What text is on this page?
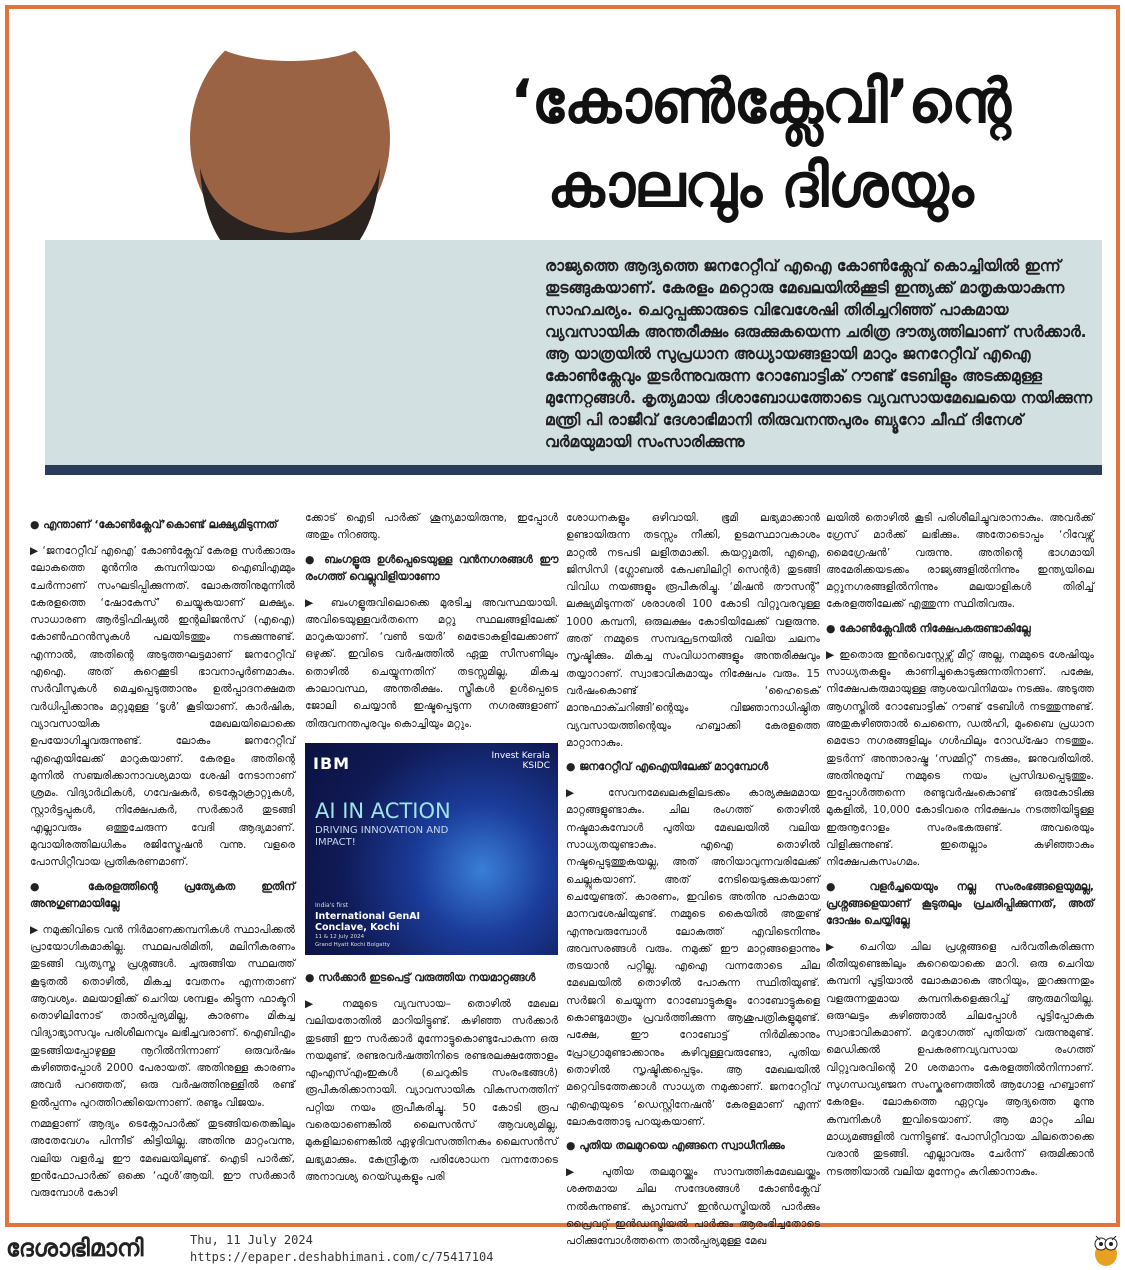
‘കോൺക്ലേവി’ന്റെ
കാലവും ദിശയും
രാജ്യത്തെ ആദ്യത്തെ ജനറേറ്റീവ് എഐ കോൺക്ലേവ് കൊച്ചിയിൽ ഇന്ന് തുടങ്ങുകയാണ്. കേരളം മറ്റൊരു മേഖലയിൽക്കൂടി ഇന്ത്യക്ക് മാതൃകയാകുന്ന സാഹചര്യം. ചെറുപ്പക്കാരുടെ വിഭവശേഷി തിരിച്ചറിഞ്ഞ് പാകമായ വ്യവസായിക അന്തരീക്ഷം ഒരുക്കുകയെന്ന ചരിത്ര ദൗത്യത്തിലാണ് സർക്കാർ. ആ യാത്രയിൽ സുപ്രധാന അധ്യായങ്ങളായി മാറും ജനറേറ്റീവ് എഐ കോൺക്ലേവും തുടർന്നുവരുന്ന റോബോട്ടിക് റൗണ്ട് ടേബിളും അടക്കമുള്ള മുന്നേറ്റങ്ങൾ. കൃത്യമായ ദിശാബോധത്തോടെ വ്യവസായമേഖലയെ നയിക്കുന്ന മന്ത്രി പി രാജീവ് ദേശാഭിമാനി തിരുവനന്തപുരം ബ്യൂറോ ചീഫ് ദിനേശ് വർമയുമായി സംസാരിക്കുന്നു
● എന്താണ് ‘കോൺക്ലേവ്’കൊണ്ട് ലക്ഷ്യമിടുന്നത്

▶ ‘ജനറേറ്റീവ് എഐ’ കോൺക്ലേവ് കേരള സർക്കാരും ലോകത്തെ മുൻനിര കമ്പനിയായ ഐബിഎമ്മും ചേർന്നാണ് സംഘടിപ്പിക്കുന്നത്. ലോകത്തിനുമുന്നിൽ കേരളത്തെ ‘ഷോകേസ്’ ചെയ്യുകയാണ് ലക്ഷ്യം. സാധാരണ ആർട്ടിഫിഷ്യൽ ഇന്റലിജൻസ് (എഐ) കോൺഫറൻസുകൾ പലയിടത്തും നടക്കുന്നുണ്ട്. എന്നാൽ, അതിന്റെ അടുത്തഘട്ടമാണ് ജനറേറ്റീവ് എഐ. അത് കുറെക്കൂടി ഭാവനാപൂർണമാകും. സർവീസുകൾ മെച്ചപ്പെടുത്താനും ഉൽപ്പാദനക്ഷമത വർധിപ്പിക്കാനും മറ്റുമുള്ള ‘ടൂൾ’ കൂടിയാണ്. കാർഷിക, വ്യാവസായിക മേഖലയിലൊക്കെ ഉപയോഗിച്ചുവരുന്നുണ്ട്. ലോകം ജനറേറ്റീവ് എഐയിലേക്ക് മാറുകയാണ്. കേരളം അതിന്റെ മുന്നിൽ സഞ്ചരിക്കാനാവശ്യമായ ശേഷി നേടാനാണ് ശ്രമം. വിദ്യാർഥികൾ, ഗവേഷകർ, ടെക്നോക്രാറ്റുകൾ, സ്റ്റാർട്ടപ്പുകൾ, നിക്ഷേപകർ, സർക്കാർ തുടങ്ങി എല്ലാവരും ഒത്തുചേരുന്ന വേദി ആദ്യമാണ്. മുവായിരത്തിലധികം രജിസ്ട്രേഷൻ വന്നു. വളരെ പോസിറ്റീവായ പ്രതികരണമാണ്.

● കേരളത്തിന്റെ പ്രത്യേകത ഇതിന് അനുഗുണമായില്ലേ

▶ നമുക്കിവിടെ വൻ നിർമാണക്കമ്പനികൾ സ്ഥാപിക്കൽ പ്രായോഗികമാകില്ല. സ്ഥലപരിമിതി, മലിനീകരണം തുടങ്ങി വ്യത്യസ്ത പ്രശ്നങ്ങൾ. ചുരുങ്ങിയ സ്ഥലത്ത് കൂടുതൽ തൊഴിൽ, മികച്ച വേതനം എന്നതാണ് ആവശ്യം. മലയാളിക്ക് ചെറിയ ശമ്പളം കിട്ടുന്ന ഫാക്ടറി തൊഴിലിനോട് താൽപ്പര്യമില്ല, കാരണം മികച്ച വിദ്യാഭ്യാസവും പരിശീലനവും ലഭിച്ചവരാണ്. ഐബിഎം തുടങ്ങിയപ്പോഴുള്ള നൂറിൽനിന്നാണ് ഒരുവർഷം കഴിഞ്ഞപ്പോൾ 2000 പേരായത്. അതിനുള്ള കാരണം അവർ പറഞ്ഞത്, ഒരു വർഷത്തിനുള്ളിൽ രണ്ട് ഉൽപ്പന്നം പുറത്തിറക്കിയെന്നാണ്. രണ്ടും വിജയം.

നമ്മളാണ് ആദ്യം ടെക്നോപാർക്ക് തുടങ്ങിയതെങ്കിലും അതേവേഗം പിന്നീട് കിട്ടിയില്ല. അതിനു മാറ്റംവന്നു, വലിയ വളർച്ച ഈ മേഖലയിലുണ്ട്. ഐടി പാർക്ക്, ഇൻഫോപാർക്ക് ഒക്കെ ‘ഫുൾ’ആയി. ഈ സർക്കാർ വരുമ്പോൾ കോഴി

ക്കോട് ഐടി പാർക്ക് ശൂന്യമായിരുന്നു, ഇപ്പോൾ അതും നിറഞ്ഞു.

● ബംഗളൂരു ഉൾപ്പെടെയുള്ള വൻനഗരങ്ങൾ ഈ രംഗത്ത് വെല്ലുവിളിയാണോ

▶ ബംഗളൂരുവിലൊക്കെ മുരടിച്ച അവസ്ഥയായി. അവിടെയുള്ളവർതന്നെ മറ്റു സ്ഥലങ്ങളിലേക്ക് മാറുകയാണ്. ‘വൺ ടയർ’ മെട്രോകളിലേക്കാണ് ഒഴുക്ക്. ഇവിടെ വർഷത്തിൽ ഏതു സീസണിലും തൊഴിൽ ചെയ്യുന്നതിന് തടസ്സമില്ല, മികച്ച കാലാവസ്ഥ, അന്തരീക്ഷം. സ്ത്രീകൾ ഉൾപ്പെടെ ജോലി ചെയ്യാൻ ഇഷ്ടപ്പെടുന്ന നഗരങ്ങളാണ് തിരുവനന്തപുരവും കൊച്ചിയും മറ്റും.

IBM	Invest Kerala
KSIDC
AI IN ACTION
DRIVING INNOVATION AND IMPACT!
India's first
International GenAI Conclave, Kochi
11 & 12 July 2024
Grand Hyatt Kochi Bolgatty
● സർക്കാർ ഇടപെട്ട് വരുത്തിയ നയമാറ്റങ്ങൾ

▶ നമ്മുടെ വ്യവസായ– തൊഴിൽ മേഖല വലിയതോതിൽ മാറിയിട്ടുണ്ട്. കഴിഞ്ഞ സർക്കാർ തുടങ്ങി ഈ സർക്കാർ മുന്നോട്ടുകൊണ്ടുപോകുന്ന ഒരു നയമുണ്ട്. രണ്ടരവർഷത്തിനിടെ രണ്ടരലക്ഷത്തോളം എംഎസ്എംഇകൾ (ചെറുകിട സംരംഭങ്ങൾ) രൂപീകരിക്കാനായി. വ്യാവസായിക വികസനത്തിന് പറ്റിയ നയം രൂപീകരിച്ചു. 50 കോടി രൂപ വരെയാണെങ്കിൽ ലൈസൻസ് ആവശ്യമില്ല, മുകളിലാണെങ്കിൽ ഏഴുദിവസത്തിനകം ലൈസൻസ് ലഭ്യമാക്കും. കേന്ദ്രീകൃത പരിശോധന വന്നതോടെ അനാവശ്യ റെയ്ഡുകളും പരി

ശോധനകളും ഒഴിവായി. ഭൂമി ലഭ്യമാക്കാൻ ഉണ്ടായിരുന്ന തടസ്സം നീക്കി, ഉടമസ്ഥാവകാശം മാറ്റൽ നടപടി ലളിതമാക്കി. കയറ്റുമതി, എഐ, ജിസിസി (ഗ്ലോബൽ കേപബിലിറ്റി സെന്റർ) തുടങ്ങി വിവിധ നയങ്ങളും രൂപീകരിച്ചു. ‘മിഷൻ തൗസന്റ്’ ലക്ഷ്യമിടുന്നത് ശരാശരി 100 കോടി വിറ്റുവരവുള്ള 1000 കമ്പനി, ഒരുലക്ഷം കോടിയിലേക്ക് വളരുന്നു. അത് നമ്മുടെ സമ്പദ്ഘടനയിൽ വലിയ ചലനം സൃഷ്ടിക്കും. മികച്ച സംവിധാനങ്ങളും അന്തരീക്ഷവും തയ്യാറാണ്. സ്വാഭാവികമായും നിക്ഷേപം വരും. 15 വർഷംകൊണ്ട് ‘ഹൈടെക് മാനുഫാക്ചറിങ്ങി’ന്റെയും വിജ്ഞാനാധിഷ്ഠിത വ്യവസായത്തിന്റെയും ഹബ്ബാക്കി കേരളത്തെ മാറ്റാനാകും.

● ജനറേറ്റീവ് എഐയിലേക്ക് മാറുമ്പോൾ

▶ സേവനമേഖലകളിലടക്കം കാര്യക്ഷമമായ മാറ്റങ്ങളുണ്ടാകും. ചില രംഗത്ത് തൊഴിൽ നഷ്ടമാകുമ്പോൾ പുതിയ മേഖലയിൽ വലിയ സാധ്യതയുണ്ടാകും. എഐ തൊഴിൽ നഷ്ടപ്പെടുത്തുകയല്ല, അത് അറിയാവുന്നവരിലേക്ക് ചെല്ലുകയാണ്. അത് നേടിയെടുക്കുകയാണ് ചെയ്യേണ്ടത്. കാരണം, ഇവിടെ അതിനു പാകമായ മാനവശേഷിയുണ്ട്. നമ്മുടെ കൈയിൽ അതുണ്ട് എന്നുവരുമ്പോൾ ലോകത്ത് എവിടെനിന്നും അവസരങ്ങൾ വരും. നമുക്ക് ഈ മാറ്റങ്ങളൊന്നും തടയാൻ പറ്റില്ല. എഐ വന്നതോടെ ചില മേഖലയിൽ തൊഴിൽ പോകുന്ന സ്ഥിതിയുണ്ട്. സർജറി ചെയ്യുന്ന റോബോട്ടുകളും റോബോട്ടുകളെ കൊണ്ടുമാത്രം പ്രവർത്തിക്കുന്ന ആശുപത്രികളുമുണ്ട്. പക്ഷേ, ഈ റോബോട്ട് നിർമിക്കാനും പ്രോഗ്രാമുണ്ടാക്കാനും കഴിവുള്ളവരുണ്ടോ, പുതിയ തൊഴിൽ സൃഷ്ടിക്കപ്പെടും. ആ മേഖലയിൽ മറ്റെവിടത്തേക്കാൾ സാധ്യത നമുക്കാണ്. ജനറേറ്റീവ് എഐയുടെ ‘ഡെസ്റ്റിനേഷൻ’ കേരളമാണ് എന്ന് ലോകത്തോടു പറയുകയാണ്.

● പുതിയ തലമുറയെ എങ്ങനെ സ്വാധീനിക്കും

▶ പുതിയ തലമുറയ്ക്കും സാമ്പത്തികമേഖലയ്ക്കും ശക്തമായ ചില സന്ദേശങ്ങൾ കോൺക്ലേവ് നൽകുന്നുണ്ട്. ക്യാമ്പസ് ഇൻഡസ്ട്രിയൽ പാർക്കും പ്രൈവറ്റ് ഇൻഡസ്ട്രിയൽ പാർക്കും ആരംഭിച്ചതോടെ പഠിക്കുമ്പോൾത്തന്നെ താൽപ്പര്യമുള്ള മേഖ

ലയിൽ തൊഴിൽ കൂടി പരിശീലിച്ചുവരാനാകും. അവർക്ക് ഗ്രേസ് മാർക്ക് ലഭിക്കും. അതോടൊപ്പം ‘റിവേഴ്സ് മൈഗ്രേഷൻ’ വരുന്നു. അതിന്റെ ഭാഗമായി അമേരിക്കയടക്കം രാജ്യങ്ങളിൽനിന്നും ഇന്ത്യയിലെ മറ്റുനഗരങ്ങളിൽനിന്നും മലയാളികൾ തിരിച്ച് കേരളത്തിലേക്ക് എത്തുന്ന സ്ഥിതിവരും.

● കോൺക്ലേവിൽ നിക്ഷേപകരുണ്ടാകില്ലേ

▶ ഇതൊരു ഇൻവെസ്റ്റേഴ്സ് മീറ്റ് അല്ല, നമ്മുടെ ശേഷിയും സാധ്യതകളും കാണിച്ചുകൊടുക്കുന്നതിനാണ്. പക്ഷേ, നിക്ഷേപകരുമായുള്ള ആശയവിനിമയം നടക്കും. അടുത്ത ആഗസ്തിൽ റോബോട്ടിക് റൗണ്ട് ടേബിൾ നടത്തുന്നുണ്ട്. അതുകഴിഞ്ഞാൽ ചെന്നൈ, ഡൽഹി, മുംബൈ പ്രധാന മെട്രോ നഗരങ്ങളിലും ഗൾഫിലും റോഡ്ഷോ നടത്തും. തുടർന്ന് അന്താരാഷ്ട്ര ‘സമ്മിറ്റ്’ നടക്കും, ജനുവരിയിൽ. അതിനുമുമ്പ് നമ്മുടെ നയം പ്രസിദ്ധപ്പെടുത്തും. ഇപ്പോൾത്തന്നെ രണ്ടുവർഷംകൊണ്ട് ഒരുകോടിക്കു മുകളിൽ, 10,000 കോടിവരെ നിക്ഷേപം നടത്തിയിട്ടുള്ള ഇരുനൂറോളം സംരംഭകരുണ്ട്. അവരെയും വിളിക്കുന്നുണ്ട്. ഇതെല്ലാം കഴിഞ്ഞാകും നിക്ഷേപകസംഗമം.

● വളർച്ചയെയും നല്ല സംരംഭങ്ങളെയുമല്ല, പ്രശ്നങ്ങളെയാണ് കൂടുതലും പ്രചരിപ്പിക്കുന്നത്, അത് ദോഷം ചെയ്യില്ലേ

▶ ചെറിയ ചില പ്രശ്നങ്ങളെ പർവതീകരിക്കുന്ന രീതിയുണ്ടെങ്കിലും കുറെയൊക്കെ മാറി. ഒരു ചെറിയ കമ്പനി പൂട്ടിയാൽ ലോകമാകെ അറിയും, തുറക്കുന്നതും വളരുന്നതുമായ കമ്പനികളെക്കുറിച്ച് ആരുമറിയില്ല. ഒരുഘട്ടം കഴിഞ്ഞാൽ ചിലപ്പോൾ പൂട്ടിപ്പോകുക സ്വാഭാവികമാണ്. മറുഭാഗത്ത് പുതിയത് വരുന്നുമുണ്ട്. മെഡിക്കൽ ഉപകരണവ്യവസായ രംഗത്ത് വിറ്റുവരവിന്റെ 20 ശതമാനം കേരളത്തിൽനിന്നാണ്. സുഗന്ധവ്യഞ്ജന സംസ്കരണത്തിൽ ആഗോള ഹബ്ബാണ് കേരളം. ലോകത്തെ ഏറ്റവും ആദ്യത്തെ മൂന്നു കമ്പനികൾ ഇവിടെയാണ്. ആ മാറ്റം ചില മാധ്യമങ്ങളിൽ വന്നിട്ടുണ്ട്. പോസിറ്റീവായ ചിലതൊക്കെ വരാൻ തുടങ്ങി. എല്ലാവരും ചേർന്ന് ഒരുമിക്കാൻ നടത്തിയാൽ വലിയ മുന്നേറ്റം കുറിക്കാനാകും.

ദേശാഭിമാനി	Thu, 11 July 2024
https://epaper.deshabhimani.com/c/75417104
